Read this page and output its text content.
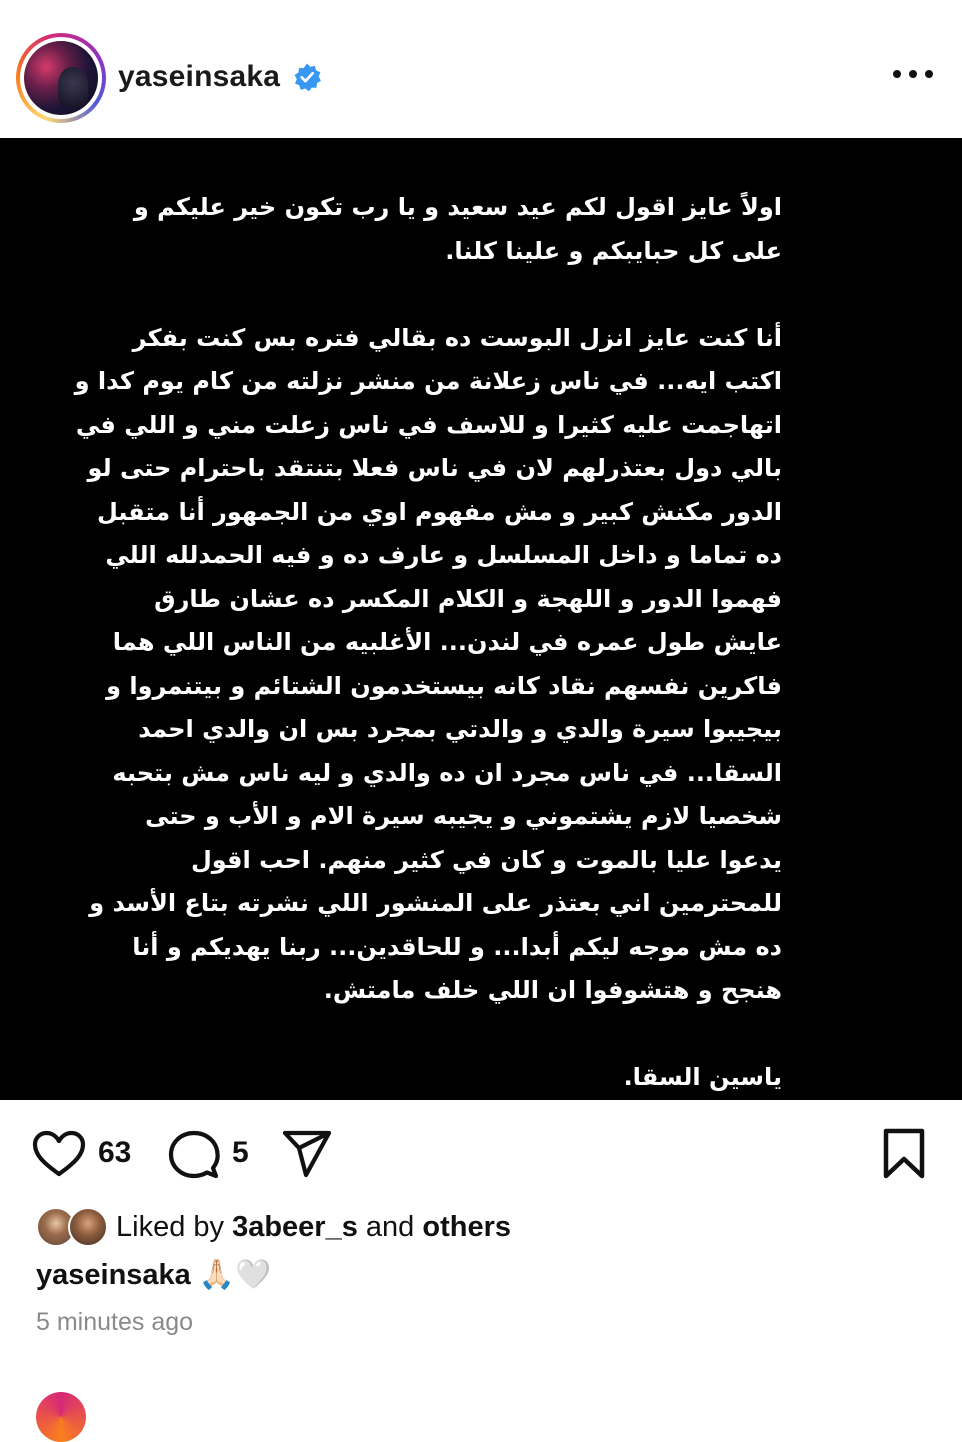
yaseinsaka

اولاً عايز اقول لكم عيد سعيد و يا رب تكون خير عليكم و

على كل حبايبكم و علينا كلنا.

أنا كنت عايز انزل البوست ده بقالي فتره بس كنت بفكر

اكتب ايه... في ناس زعلانة من منشر نزلته من كام يوم كدا و

اتهاجمت عليه كثيرا و للاسف في ناس زعلت مني و اللي في

بالي دول بعتذرلهم لان في ناس فعلا بتنتقد باحترام حتى لو

الدور مكنش كبير و مش مفهوم اوي من الجمهور أنا متقبل

ده تماما و داخل المسلسل و عارف ده و فيه الحمدلله اللي

فهموا الدور و اللهجة و الكلام المكسر ده عشان طارق

عايش طول عمره في لندن... الأغلبيه من الناس اللي هما

فاكرين نفسهم نقاد كانه بيستخدمون الشتائم و بيتنمروا و

بيجيبوا سيرة والدي و والدتي بمجرد بس ان والدي احمد

السقا... في ناس مجرد ان ده والدي و ليه ناس مش بتحبه

شخصيا لازم يشتموني و يجيبه سيرة الام و الأب و حتى

يدعوا عليا بالموت و كان في كثير منهم. احب اقول

للمحترمين اني بعتذر على المنشور اللي نشرته بتاع الأسد و

ده مش موجه ليكم أبدا... و للحاقدين... ربنا يهديكم و أنا

هنجح و هتشوفوا ان اللي خلف مامتش.

ياسين السقا.

63	5
Liked by 3abeer_s and others
yaseinsaka 🙏🏻🤍
5 minutes ago
